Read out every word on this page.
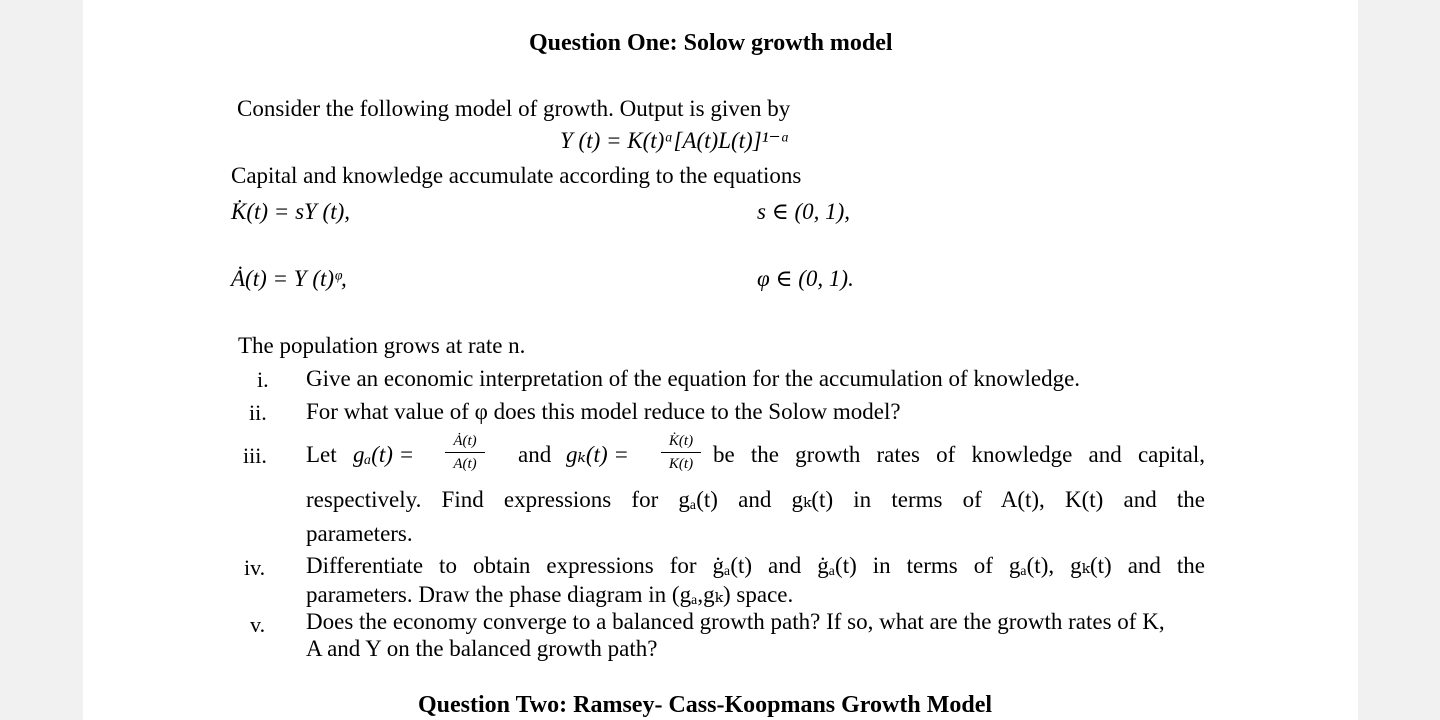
Question One: Solow growth model
Consider the following model of growth. Output is given by
Y (t) = K(t)ᵅ[A(t)L(t)]¹⁻ᵅ
Capital and knowledge accumulate according to the equations
K̇(t) = sY (t),	s ∈ (0, 1),
Ȧ(t) = Y (t)ᵠ,	φ ∈ (0, 1).
The population grows at rate n.
i. Give an economic interpretation of the equation for the accumulation of knowledge.
ii. For what value of φ does this model reduce to the Solow model?
iii. Let $g_a(t) = \frac{Ȧ(t)}{A(t)}$ and $g_k(t) = \frac{K̇(t)}{K(t)}$ be the growth rates of knowledge and capital,
respectively. Find expressions for gₐ(t) and gₖ(t) in terms of A(t), K(t) and the
parameters.
iv. Differentiate to obtain expressions for ġₐ(t) and ġₐ(t) in terms of gₐ(t), gₖ(t) and the
parameters. Draw the phase diagram in (gₐ,gₖ) space.
v. Does the economy converge to a balanced growth path? If so, what are the growth rates of K,
A and Y on the balanced growth path?
Question Two: Ramsey- Cass-Koopmans Growth Model
